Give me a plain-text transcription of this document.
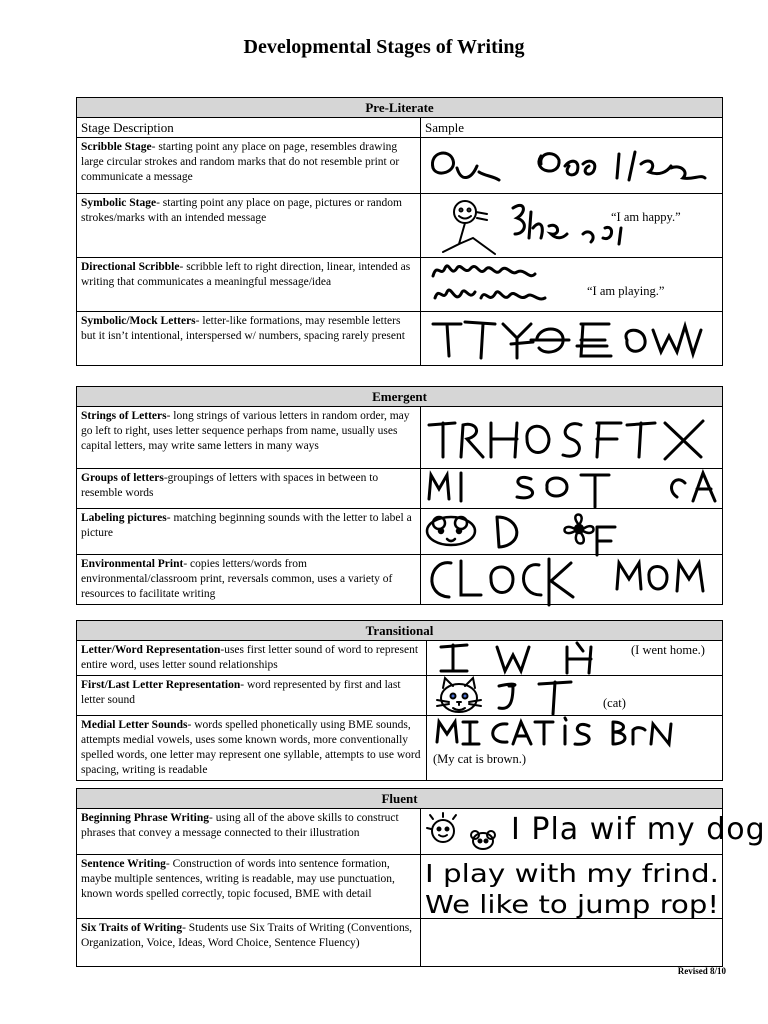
Developmental Stages of Writing
Pre-Literate	
Stage Description	Sample
Scribble Stage- starting point any place on page, resembles drawing large circular strokes and random marks that do not resemble print or communicate a message	

Symbolic Stage- starting point any place on page, pictures or random strokes/marks with an intended message	“I am happy.”

Directional Scribble- scribble left to right direction, linear, intended as writing that communicates a meaningful message/idea	“I am playing.”

Symbolic/Mock Letters- letter-like formations, may resemble letters but it isn’t intentional, interspersed w/ numbers, spacing rarely present	
Emergent	
Strings of Letters- long strings of various letters in random order, may go left to right, uses letter sequence perhaps from name, usually uses capital letters, may write same letters in many ways	

Groups of letters-groupings of letters with spaces in between to resemble words	

Labeling pictures- matching beginning sounds with the letter to label a picture	

Environmental Print- copies letters/words from environmental/classroom print, reversals common, uses a variety of resources to facilitate writing	
Transitional	
Letter/Word Representation-uses first letter sound of word to represent entire word, uses letter sound relationships	(I went home.)

First/Last Letter Representation- word represented by first and last letter sound	(cat)

Medial Letter Sounds- words spelled phonetically using BME sounds, attempts medial vowels, uses some known words, more conventionally spelled words, one letter may represent one syllable, attempts to use word spacing, writing is readable	(My cat is brown.)
Fluent	
Beginning Phrase Writing- using all of the above skills to construct phrases that convey a message connected to their illustration	I Pla wif my dog

Sentence Writing- Construction of words into sentence formation, maybe multiple sentences, writing is readable, may use punctuation, known words spelled correctly, topic focused, BME with detail	I play with my frind.
We like to jump rop!

Six Traits of Writing- Students use Six Traits of Writing (Conventions, Organization, Voice, Ideas, Word Choice, Sentence Fluency)	
Revised 8/10
